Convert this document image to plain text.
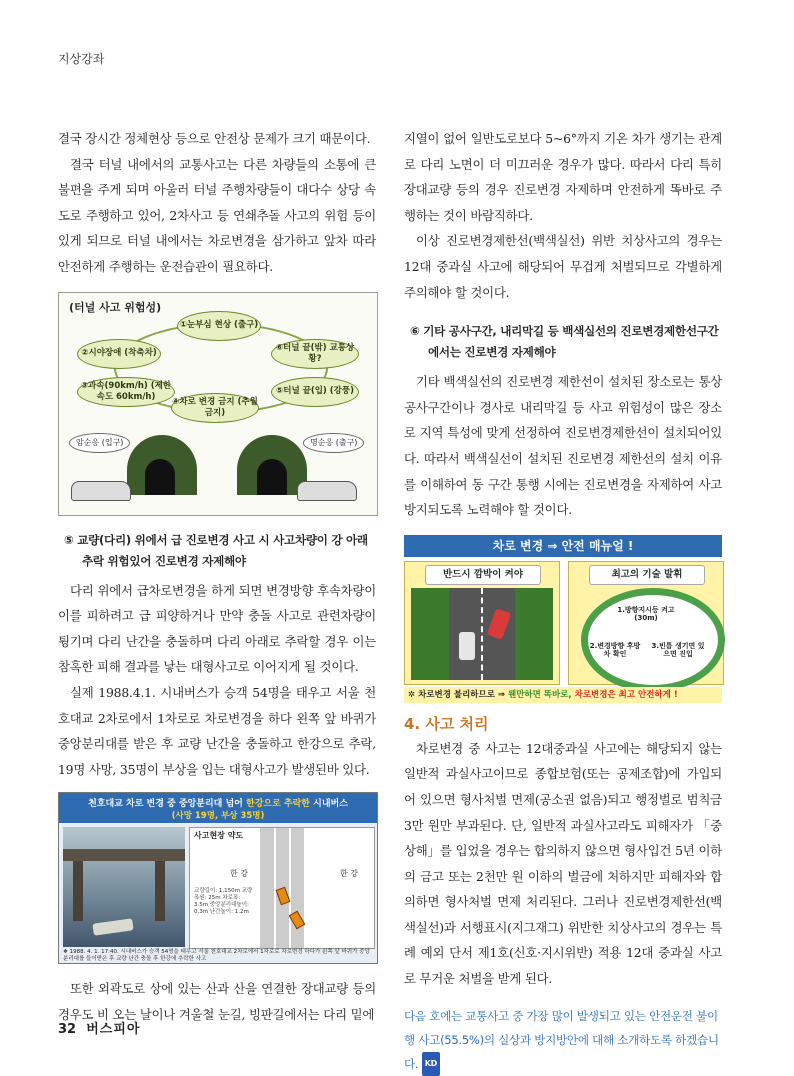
지상강좌

결국 장시간 정체현상 등으로 안전상 문제가 크기 때문이다.

결국 터널 내에서의 교통사고는 다른 차량들의 소통에 큰 불편을 주게 되며 아울러 터널 주행차량들이 대다수 상당 속도로 주행하고 있어, 2차사고 등 연쇄추돌 사고의 위험 등이 있게 되므로 터널 내에서는 차로변경을 삼가하고 앞차 따라 안전하게 주행하는 운전습관이 필요하다.

(터널 사고 위험성)
①눈부심 현상 (출구)
②시야장애 (착축차)
③과속(90km/h) (제한속도 60km/h)	④차로 변경 금지 (추월 금지)
⑤터널 끝(입) (강풍)
⑥터널 끝(밖) 교통상황?
암순응 (입구)	명순응 (출구)

⑤ 교량(다리) 위에서 급 진로변경 사고 시 사고차량이 강 아래 추락 위험있어 진로변경 자제해야

다리 위에서 급차로변경을 하게 되면 변경방향 후속차량이 이를 피하려고 급 피양하거나 만약 충돌 사고로 관련차량이 튕기며 다리 난간을 충돌하며 다리 아래로 추락할 경우 이는 참혹한 피해 결과를 낳는 대형사고로 이어지게 될 것이다.

실제 1988.4.1. 시내버스가 승객 54명을 태우고 서울 천호대교 2차로에서 1차로로 차로변경을 하다 왼쪽 앞 바퀴가 중앙분리대를 받은 후 교량 난간을 충돌하고 한강으로 추락, 19명 사망, 35명이 부상을 입는 대형사고가 발생된바 있다.

천호대교 차로 변경 중 중앙분리대 넘어 한강으로 추락한 시내버스
(사망 19명, 부상 35명)
사고현장 약도
한 강	한 강
교량길이: 1,150m 교량폭원: 25m 차로폭: 3.5m 중앙분리대높이: 0.3m 난간높이: 1.2m
❖ 1988. 4. 1. 17:40. 시내버스가 승객 54명을 태우고 서울 천호대교 2차로에서 1차로로 차로변경 하다가 왼쪽 앞 바퀴가 중앙분리대를 들이받은 후 교량 난간 충돌 후 한강에 추락한 사고

또한 외곽도로 상에 있는 산과 산을 연결한 장대교량 등의 경우도 비 오는 날이나 겨울철 눈길, 빙판길에서는 다리 밑에

지열이 없어 일반도로보다 5~6°까지 기온 차가 생기는 관계로 다리 노면이 더 미끄러운 경우가 많다. 따라서 다리 특히 장대교량 등의 경우 진로변경 자제하며 안전하게 똑바로 주행하는 것이 바람직하다.

이상 진로변경제한선(백색실선) 위반 치상사고의 경우는 12대 중과실 사고에 해당되어 무겁게 처벌되므로 각별하게 주의해야 할 것이다.

⑥ 기타 공사구간, 내리막길 등 백색실선의 진로변경제한선구간에서는 진로변경 자제해야

기타 백색실선의 진로변경 제한선이 설치된 장소로는 통상 공사구간이나 경사로 내리막길 등 사고 위험성이 많은 장소로 지역 특성에 맞게 선정하여 진로변경제한선이 설치되어있다. 따라서 백색실선이 설치된 진로변경 제한선의 설치 이유를 이해하여 동 구간 통행 시에는 진로변경을 자제하여 사고 방지되도록 노력해야 할 것이다.

차로 변경 ⇒ 안전 매뉴얼 !
반드시 깜박이 켜야	최고의 기술 발휘
1.방향지시등 켜고 (30m)
2.변경방향 후방 차 확인
3.빈틈 생기면 있으면 진입
✲ 차로변경 불리하므로 ⇒ 웬만하면 똑바로, 차로변경은 최고 안전하게 !
4. 사고 처리

차로변경 중 사고는 12대중과실 사고에는 해당되지 않는 일반적 과실사고이므로 종합보험(또는 공제조합)에 가입되어 있으면 형사처벌 면제(공소권 없음)되고 행정벌로 범칙금 3만 원만 부과된다. 단, 일반적 과실사고라도 피해자가 「중상해」를 입었을 경우는 합의하지 않으면 형사입건 5년 이하의 금고 또는 2천만 원 이하의 벌금에 처하지만 피해자와 합의하면 형사처벌 면제 처리된다. 그러나 진로변경제한선(백색실선)과 서행표시(지그재그) 위반한 치상사고의 경우는 특례 예외 단서 제1호(신호·지시위반) 적용 12대 중과실 사고로 무거운 처벌을 받게 된다.

다음 호에는 교통사고 중 가장 많이 발생되고 있는 안전운전 불이행 사고(55.5%)의 실상과 방지방안에 대해 소개하도록 하겠습니다. KD
32 버스피아
